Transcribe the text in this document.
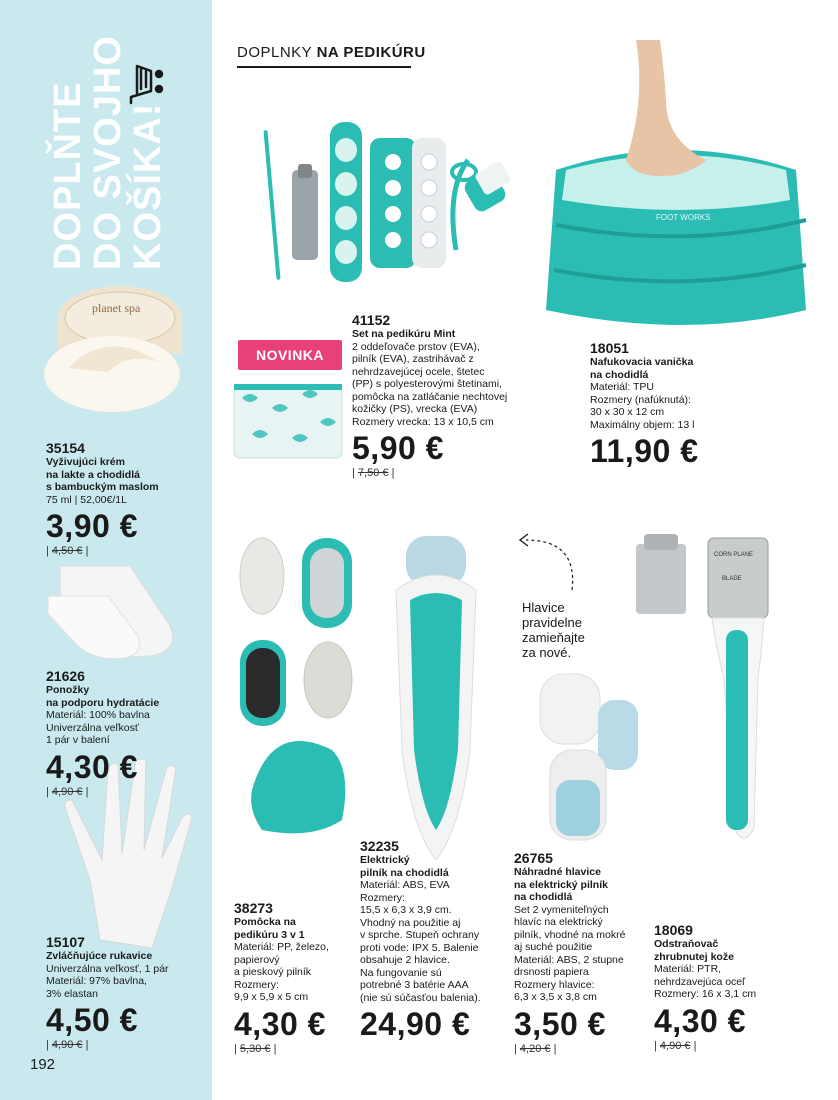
DOPLŇTE
DO SVOJHO
KOŠÍKA!
DOPLNKY NA PEDIKÚRU
FOOT WORKS
planet spa
CORN PLANE
BLADE
NOVINKA
Hlavice
pravidelne
zamieňajte
za nové.
41152
Set na pedikúru Mint
2 oddeľovače prstov (EVA),
pilník (EVA), zastrihávač z
nehrdzavejúcej ocele, štetec
(PP) s polyesterovými štetinami,
pomôcka na zatláčanie nechtovej
kožičky (PS), vrecka (EVA)
Rozmery vrecka: 13 x 10,5 cm
5,90 €
| 7,50 € |
18051
Nafukovacia vanička
na chodidlá
Materiál: TPU
Rozmery (nafúknutá):
30 x 30 x 12 cm
Maximálny objem: 13 l
11,90 €
35154
Vyživujúci krém
na lakte a chodidlá
s bambuckým maslom
75 ml | 52,00€/1L
3,90 €
| 4,50 € |
21626
Ponožky
na podporu hydratácie
Materiál: 100% bavlna
Univerzálna veľkosť
1 pár v balení
4,30 €
| 4,90 € |
15107
Zvláčňujúce rukavice
Univerzálna veľkosť, 1 pár
Materiál: 97% bavlna,
3% elastan
4,50 €
| 4,90 € |
38273
Pomôcka na
pedikúru 3 v 1
Materiál: PP, železo,
papierový
a pieskový pilník
Rozmery:
9,9 x 5,9 x 5 cm
4,30 €
| 5,30 € |
32235
Elektrický
pilník na chodidlá
Materiál: ABS, EVA
Rozmery:
15,5 x 6,3 x 3,9 cm.
Vhodný na použitie aj
v sprche. Stupeň ochrany
proti vode: IPX 5. Balenie
obsahuje 2 hlavice.
Na fungovanie sú
potrebné 3 batérie AAA
(nie sú súčasťou balenia).
24,90 €
26765
Náhradné hlavice
na elektrický pilník
na chodidlá
Set 2 vymeniteľných
hlavíc na elektrický
pilník, vhodné na mokré
aj suché použitie
Materiál: ABS, 2 stupne
drsnosti papiera
Rozmery hlavice:
6,3 x 3,5 x 3,8 cm
3,50 €
| 4,20 € |
18069
Odstraňovač
zhrubnutej kože
Materiál: PTR,
nehrdzavejúca oceľ
Rozmery: 16 x 3,1 cm
4,30 €
| 4,90 € |
192
